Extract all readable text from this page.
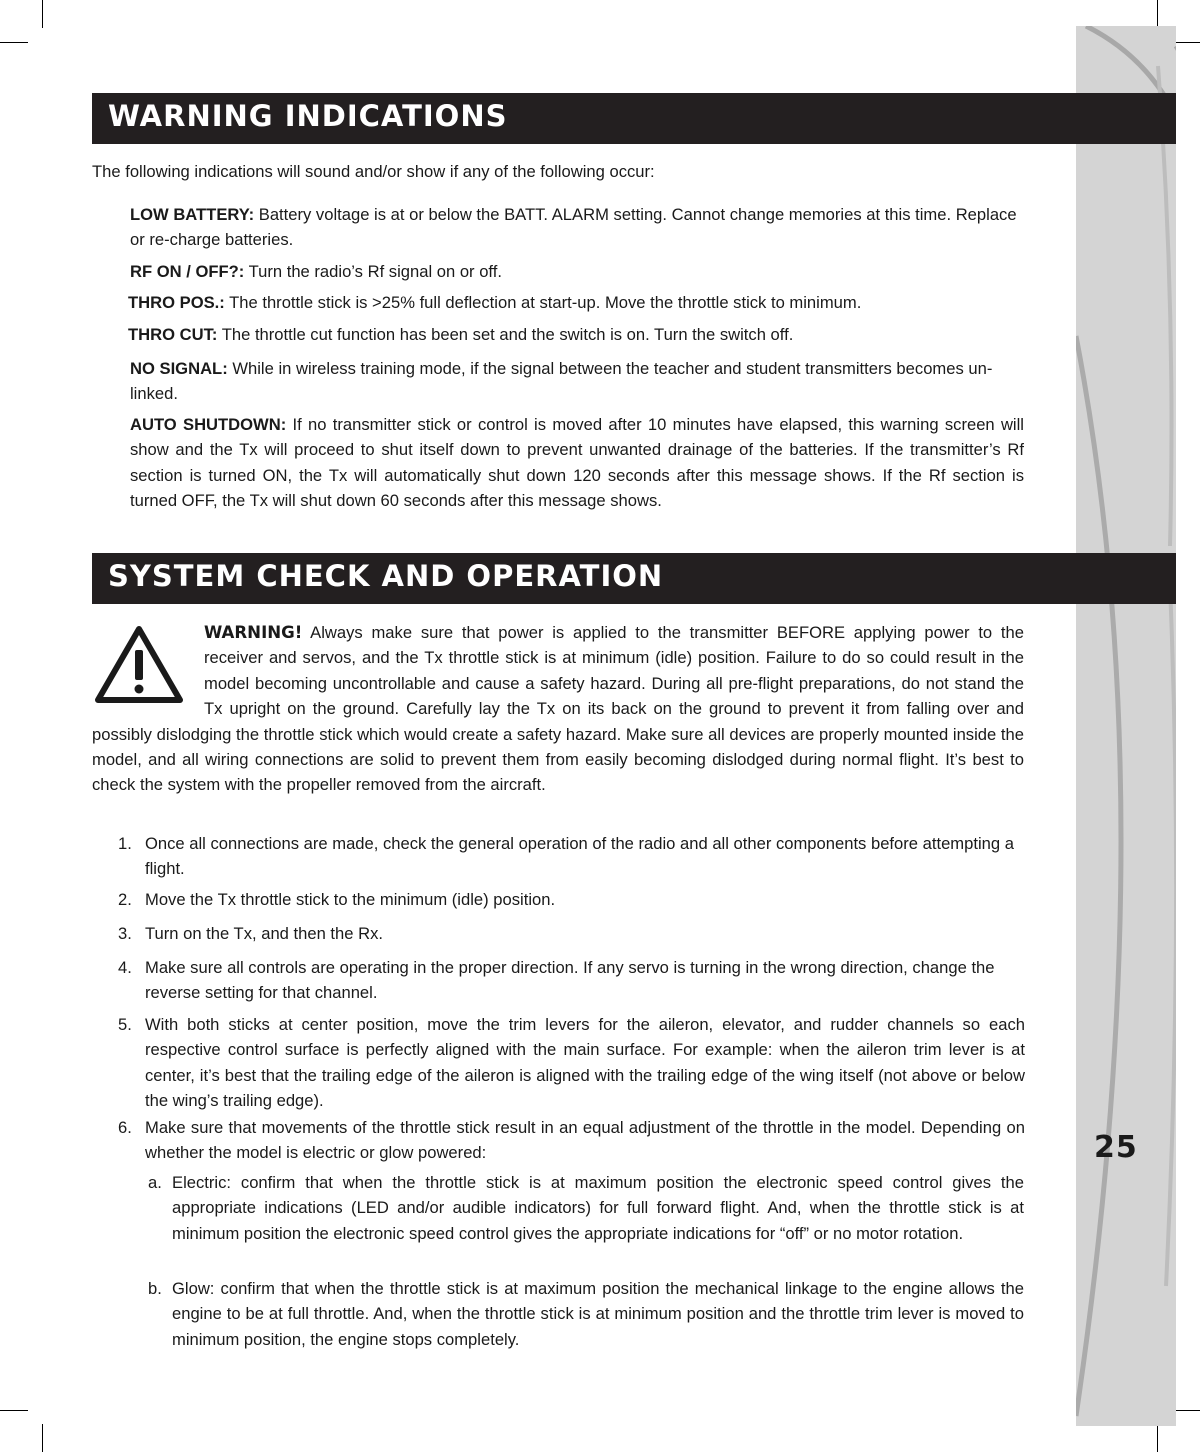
25
WARNING INDICATIONS
The following indications will sound and/or show if any of the following occur:
LOW BATTERY: Battery voltage is at or below the BATT. ALARM setting. Cannot change memories at this time. Replace or re-charge batteries.
RF ON / OFF?: Turn the radio’s Rf signal on or off.
THRO POS.: The throttle stick is >25% full deflection at start-up. Move the throttle stick to minimum.
THRO CUT: The throttle cut function has been set and the switch is on. Turn the switch off.
NO SIGNAL: While in wireless training mode, if the signal between the teacher and student transmitters becomes un-linked.
AUTO SHUTDOWN: If no transmitter stick or control is moved after 10 minutes have elapsed, this warning screen will show and the Tx will proceed to shut itself down to prevent unwanted drainage of the batteries. If the transmitter’s Rf section is turned ON, the Tx will automatically shut down 120 seconds after this message shows. If the Rf section is turned OFF, the Tx will shut down 60 seconds after this message shows.
SYSTEM CHECK AND OPERATION
WARNING! Always make sure that power is applied to the transmitter BEFORE applying power to the receiver and servos, and the Tx throttle stick is at minimum (idle) position. Failure to do so could result in the model becoming uncontrollable and cause a safety hazard. During all pre-flight preparations, do not stand the Tx upright on the ground. Carefully lay the Tx on its back on the ground to prevent it from falling over and possibly dislodging the throttle stick which would create a safety hazard. Make sure all devices are properly mounted inside the model, and all wiring connections are solid to prevent them from easily becoming dislodged during normal flight. It’s best to check the system with the propeller removed from the aircraft.
1. Once all connections are made, check the general operation of the radio and all other components before attempting a flight.
2. Move the Tx throttle stick to the minimum (idle) position.
3. Turn on the Tx, and then the Rx.
4. Make sure all controls are operating in the proper direction. If any servo is turning in the wrong direction, change the reverse setting for that channel.
5. With both sticks at center position, move the trim levers for the aileron, elevator, and rudder channels so each respective control surface is perfectly aligned with the main surface. For example: when the aileron trim lever is at center, it’s best that the trailing edge of the aileron is aligned with the trailing edge of the wing itself (not above or below the wing’s trailing edge).
6. Make sure that movements of the throttle stick result in an equal adjustment of the throttle in the model. Depending on whether the model is electric or glow powered:
a. Electric: confirm that when the throttle stick is at maximum position the electronic speed control gives the appropriate indications (LED and/or audible indicators) for full forward flight. And, when the throttle stick is at minimum position the electronic speed control gives the appropriate indications for “off” or no motor rotation.
b. Glow: confirm that when the throttle stick is at maximum position the mechanical linkage to the engine allows the engine to be at full throttle. And, when the throttle stick is at minimum position and the throttle trim lever is moved to minimum position, the engine stops completely.
